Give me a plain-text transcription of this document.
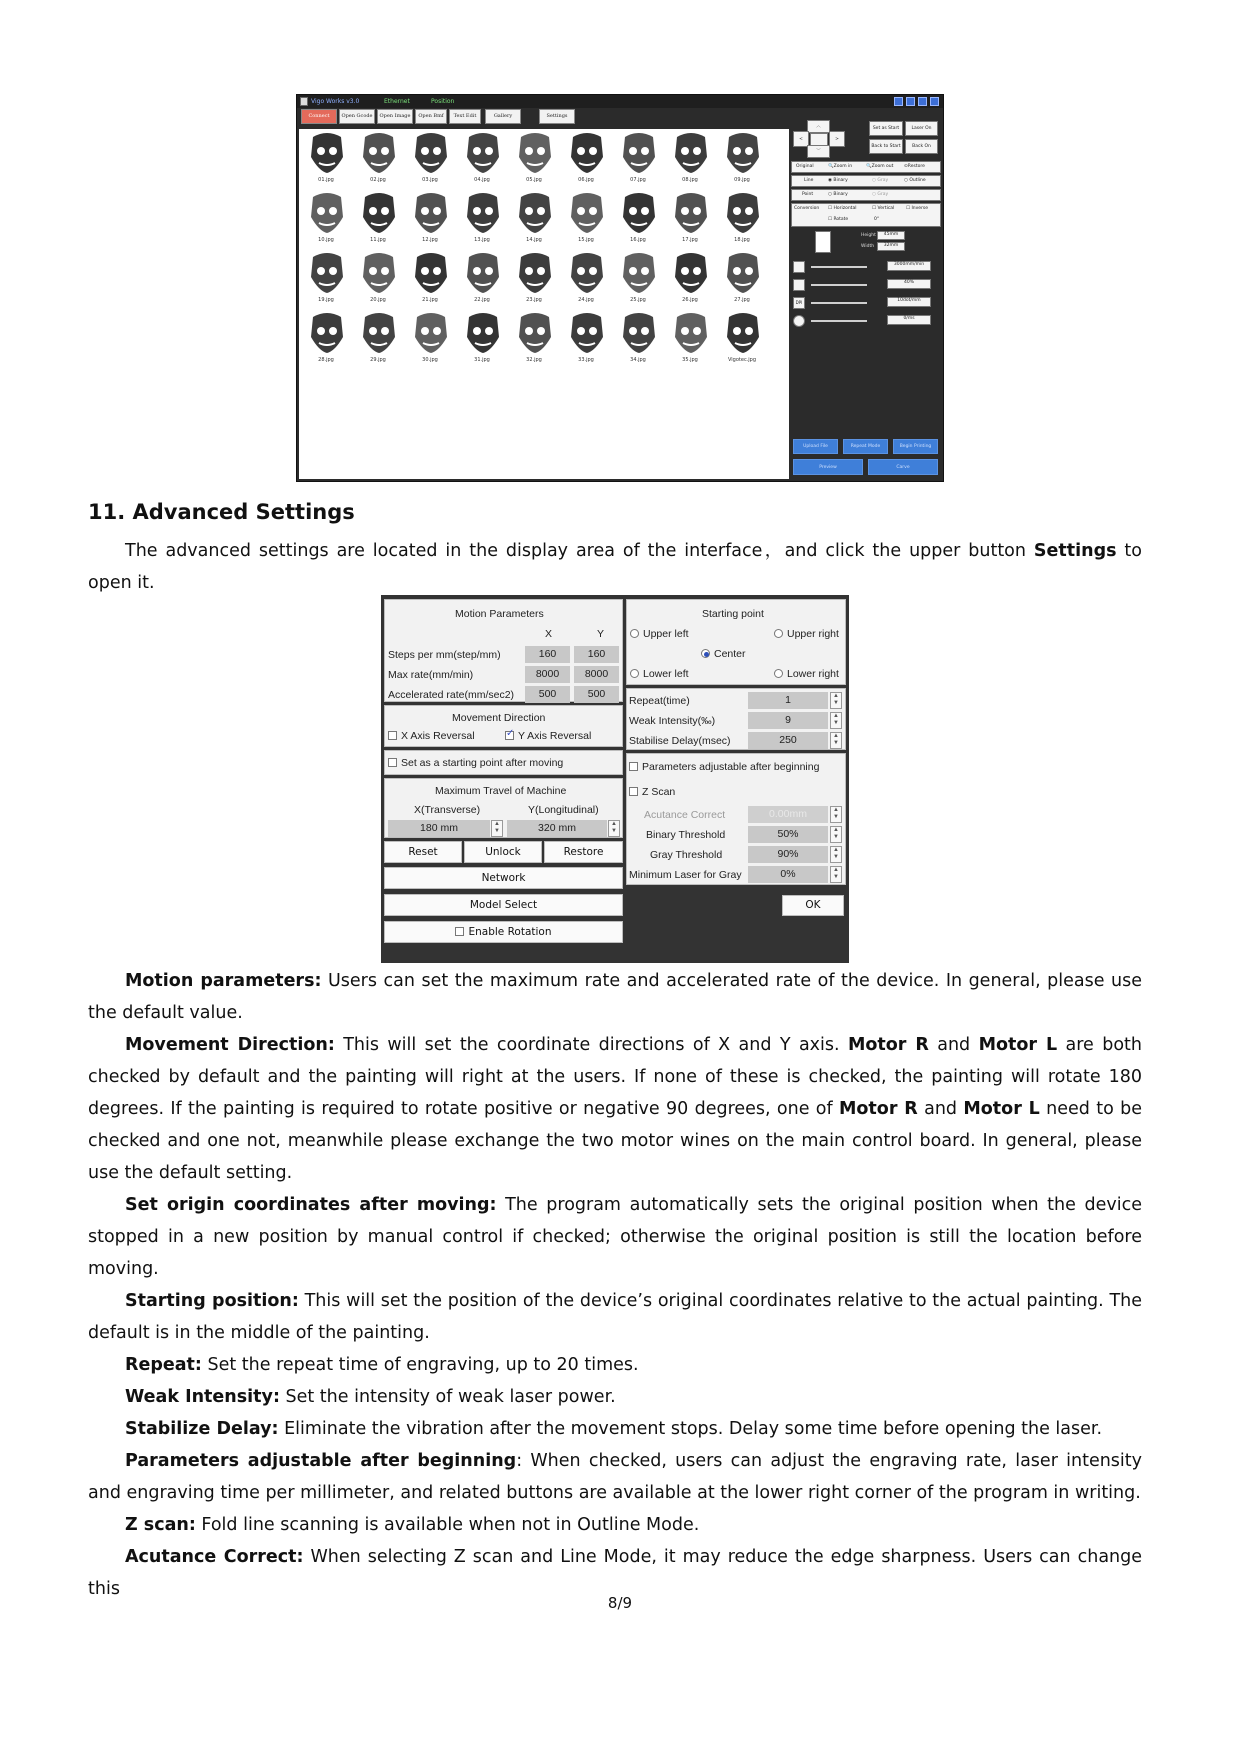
Vigo Works v3.0	Ethernet	Position
Connect	Open Gcode	Open Image	Open Bmf	Text Edit	Gallery	Settings
01.jpg	02.jpg	03.jpg	04.jpg	05.jpg	06.jpg	07.jpg	08.jpg	09.jpg
10.jpg	11.jpg	12.jpg	13.jpg	14.jpg	15.jpg	16.jpg	17.jpg	18.jpg
19.jpg	20.jpg	21.jpg	22.jpg	23.jpg	24.jpg	25.jpg	26.jpg	27.jpg
28.jpg	29.jpg	30.jpg	31.jpg	32.jpg	33.jpg	34.jpg	35.jpg	Vigotec.jpg
︿
<	>
﹀
Set as Start	Laser On
Back to Start	Back On
Original	🔍Zoom in	🔍Zoom out ⊙Restore
Line	◉ Binary	○ Gray	○ Outline
Point	○ Binary	○ Gray
Conversion ☐ Horizontal	☐ Vertical	☐ Inverse
☐ Rotate	0°
Height	45mm
Width	32mm
3000mm/min
40%
DPI	10dot/mm
0/ms
Upload File	Repeat Mode	Begin Printing
Preview	Carve
11. Advanced Settings
The advanced settings are located in the display area of the interface，and click the upper button Settings to open it.
Motion Parameters
X	Y
Steps per mm(step/mm)	160	160
Max rate(mm/min)	8000	8000
Accelerated rate(mm/sec2)	500	500
Movement Direction
X Axis Reversal
✓	Y Axis Reversal
Set as a starting point after moving
Maximum Travel of Machine
X(Transverse)	Y(Longitudinal)
180 mm	▲
▼	320 mm	▲
▼
Reset	Unlock	Restore
Network
Model Select
Enable Rotation
Starting point
Upper left	Upper right
Center
Lower left	Lower right
Repeat(time)	1	▲
▼
Weak Intensity(‰)	9	▲
▼
Stabilise Delay(msec)	250	▲
▼
Parameters adjustable after beginning
Z Scan
Acutance Correct	0.00mm	▲
▼
Binary Threshold	50%	▲
▼
Gray Threshold	90%	▲
▼
Minimum Laser for Gray	0%	▲
▼
OK
Motion parameters: Users can set the maximum rate and accelerated rate of the device. In general, please use the default value.
Movement Direction: This will set the coordinate directions of X and Y axis. Motor R and Motor L are both checked by default and the painting will right at the users. If none of these is checked, the painting will rotate 180 degrees. If the painting is required to rotate positive or negative 90 degrees, one of Motor R and Motor L need to be checked and one not, meanwhile please exchange the two motor wines on the main control board. In general, please use the default setting.
Set origin coordinates after moving: The program automatically sets the original position when the device stopped in a new position by manual control if checked; otherwise the original position is still the location before moving.
Starting position: This will set the position of the device’s original coordinates relative to the actual painting. The default is in the middle of the painting.
Repeat: Set the repeat time of engraving, up to 20 times.
Weak Intensity: Set the intensity of weak laser power.
Stabilize Delay: Eliminate the vibration after the movement stops. Delay some time before opening the laser.
Parameters adjustable after beginning: When checked, users can adjust the engraving rate, laser intensity and engraving time per millimeter, and related buttons are available at the lower right corner of the program in writing.
Z scan: Fold line scanning is available when not in Outline Mode.
Acutance Correct: When selecting Z scan and Line Mode, it may reduce the edge sharpness. Users can change this
8/9
